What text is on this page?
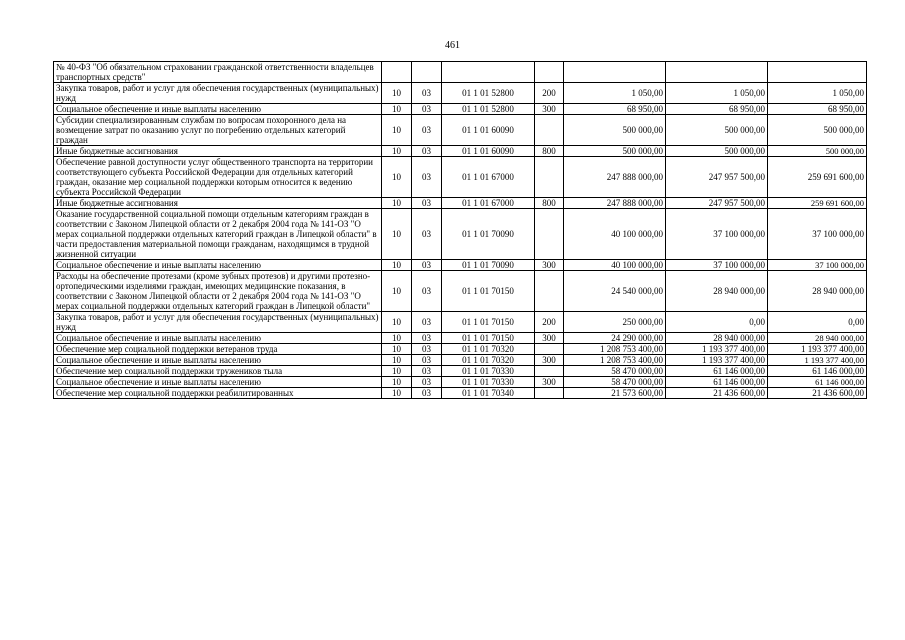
461
№ 40-ФЗ "Об обязательном страховании гражданской ответственности владельцев транспортных средств"							
Закупка товаров, работ и услуг для обеспечения государственных (муниципальных) нужд	10	03	01 1 01 52800	200	1 050,00	1 050,00	1 050,00
Социальное обеспечение и иные выплаты населению	10	03	01 1 01 52800	300	68 950,00	68 950,00	68 950,00
Субсидии специализированным службам по вопросам похоронного дела на возмещение затрат по оказанию услуг по погребению отдельных категорий граждан	10	03	01 1 01 60090		500 000,00	500 000,00	500 000,00
Иные бюджетные ассигнования	10	03	01 1 01 60090	800	500 000,00	500 000,00	500 000,00
Обеспечение равной доступности услуг общественного транспорта на территории соответствующего субъекта Российской Федерации для отдельных категорий граждан, оказание мер социальной поддержки которым относится к ведению субъекта Российской Федерации	10	03	01 1 01 67000		247 888 000,00	247 957 500,00	259 691 600,00
Иные бюджетные ассигнования	10	03	01 1 01 67000	800	247 888 000,00	247 957 500,00	259 691 600,00
Оказание государственной социальной помощи отдельным категориям граждан в соответствии с Законом Липецкой области от 2 декабря 2004 года № 141-ОЗ "О мерах социальной поддержки отдельных категорий граждан в Липецкой области" в части предоставления материальной помощи гражданам, находящимся в трудной жизненной ситуации	10	03	01 1 01 70090		40 100 000,00	37 100 000,00	37 100 000,00
Социальное обеспечение и иные выплаты населению	10	03	01 1 01 70090	300	40 100 000,00	37 100 000,00	37 100 000,00
Расходы на обеспечение протезами (кроме зубных протезов) и другими протезно-ортопедическими изделиями граждан, имеющих медицинские показания, в соответствии с Законом Липецкой области от 2 декабря 2004 года № 141-ОЗ "О мерах социальной поддержки отдельных категорий граждан в Липецкой области"	10	03	01 1 01 70150		24 540 000,00	28 940 000,00	28 940 000,00
Закупка товаров, работ и услуг для обеспечения государственных (муниципальных) нужд	10	03	01 1 01 70150	200	250 000,00	0,00	0,00
Социальное обеспечение и иные выплаты населению	10	03	01 1 01 70150	300	24 290 000,00	28 940 000,00	28 940 000,00
Обеспечение мер социальной поддержки ветеранов труда	10	03	01 1 01 70320		1 208 753 400,00	1 193 377 400,00	1 193 377 400,00
Социальное обеспечение и иные выплаты населению	10	03	01 1 01 70320	300	1 208 753 400,00	1 193 377 400,00	1 193 377 400,00
Обеспечение мер социальной поддержки тружеников тыла	10	03	01 1 01 70330		58 470 000,00	61 146 000,00	61 146 000,00
Социальное обеспечение и иные выплаты населению	10	03	01 1 01 70330	300	58 470 000,00	61 146 000,00	61 146 000,00
Обеспечение мер социальной поддержки реабилитированных	10	03	01 1 01 70340		21 573 600,00	21 436 600,00	21 436 600,00
